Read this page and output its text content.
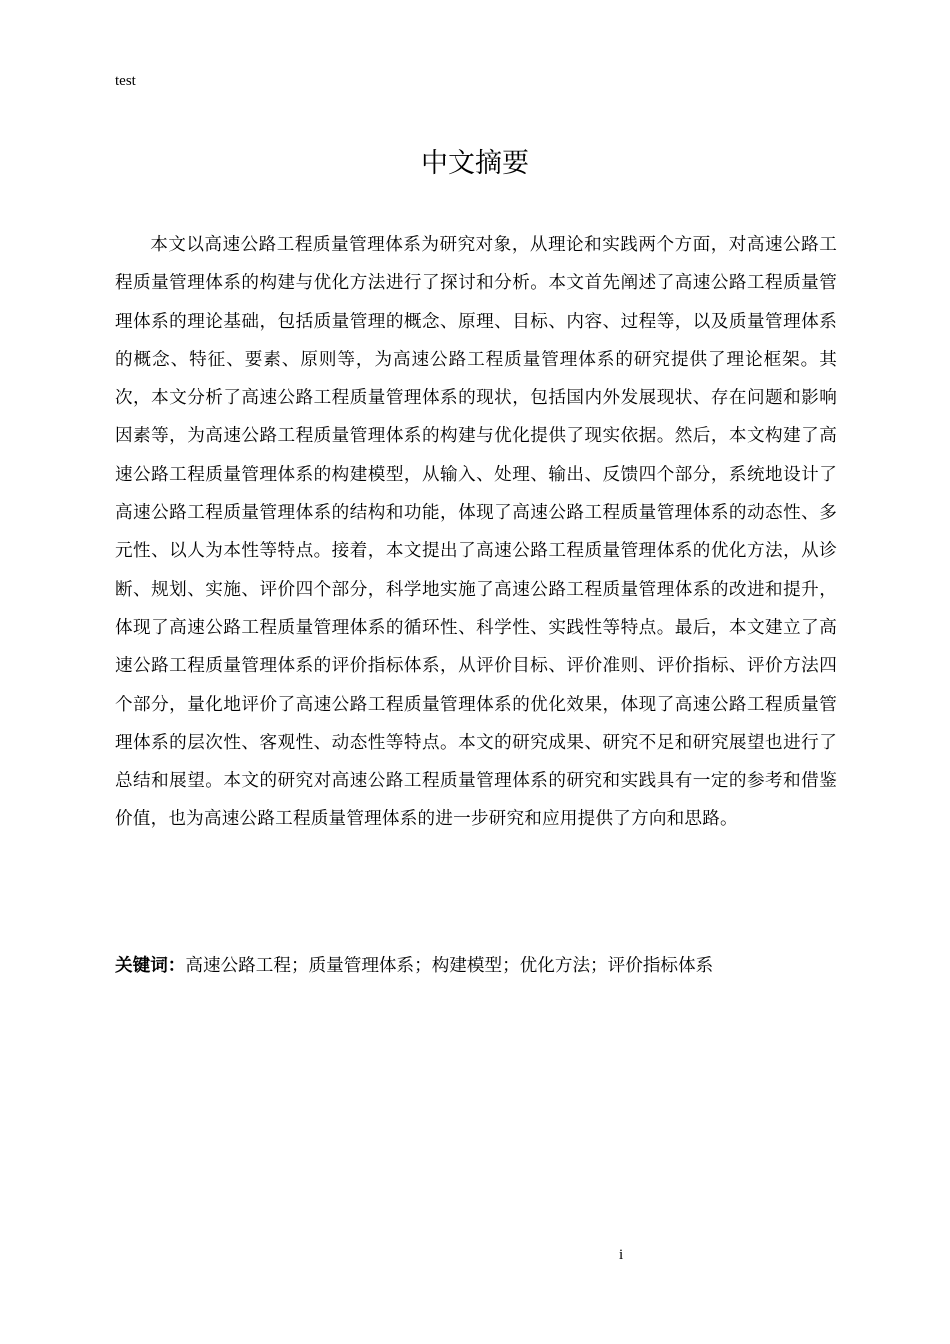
test
中文摘要

本文以高速公路工程质量管理体系为研究对象，从理论和实践两个方面，对高速公路工程质量管理体系的构建与优化方法进行了探讨和分析。本文首先阐述了高速公路工程质量管理体系的理论基础，包括质量管理的概念、原理、目标、内容、过程等，以及质量管理体系的概念、特征、要素、原则等，为高速公路工程质量管理体系的研究提供了理论框架。其次，本文分析了高速公路工程质量管理体系的现状，包括国内外发展现状、存在问题和影响因素等，为高速公路工程质量管理体系的构建与优化提供了现实依据。然后，本文构建了高速公路工程质量管理体系的构建模型，从输入、处理、输出、反馈四个部分，系统地设计了高速公路工程质量管理体系的结构和功能，体现了高速公路工程质量管理体系的动态性、多元性、以人为本性等特点。接着，本文提出了高速公路工程质量管理体系的优化方法，从诊断、规划、实施、评价四个部分，科学地实施了高速公路工程质量管理体系的改进和提升，体现了高速公路工程质量管理体系的循环性、科学性、实践性等特点。最后，本文建立了高速公路工程质量管理体系的评价指标体系，从评价目标、评价准则、评价指标、评价方法四个部分，量化地评价了高速公路工程质量管理体系的优化效果，体现了高速公路工程质量管理体系的层次性、客观性、动态性等特点。本文的研究成果、研究不足和研究展望也进行了总结和展望。本文的研究对高速公路工程质量管理体系的研究和实践具有一定的参考和借鉴价值，也为高速公路工程质量管理体系的进一步研究和应用提供了方向和思路。

关键词：高速公路工程；质量管理体系；构建模型；优化方法；评价指标体系

i
